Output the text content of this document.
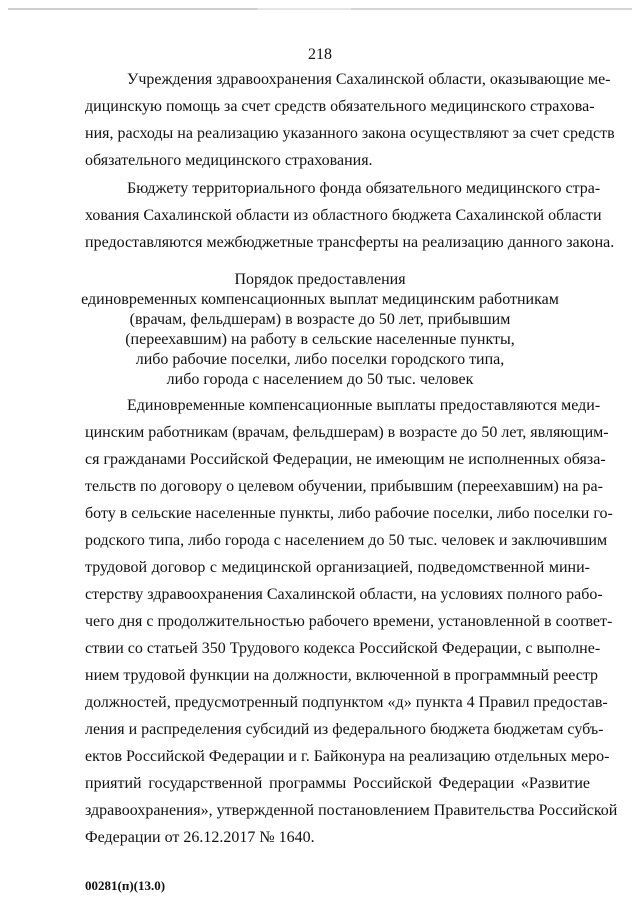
218

Учреждения здравоохранения Сахалинской области, оказывающие ме-
дицинскую помощь за счет средств обязательного медицинского страхова-
ния, расходы на реализацию указанного закона осуществляют за счет средств
обязательного медицинского страхования.

Бюджету территориального фонда обязательного медицинского стра-
хования Сахалинской области из областного бюджета Сахалинской области
предоставляются межбюджетные трансферты на реализацию данного закона.

Порядок предоставления
единовременных компенсационных выплат медицинским работникам
(врачам, фельдшерам) в возрасте до 50 лет, прибывшим
(переехавшим) на работу в сельские населенные пункты,
либо рабочие поселки, либо поселки городского типа,
либо города с населением до 50 тыс. человек

Единовременные компенсационные выплаты предоставляются меди-
цинским работникам (врачам, фельдшерам) в возрасте до 50 лет, являющим-
ся гражданами Российской Федерации, не имеющим не исполненных обяза-
тельств по договору о целевом обучении, прибывшим (переехавшим) на ра-
боту в сельские населенные пункты, либо рабочие поселки, либо поселки го-
родского типа, либо города с населением до 50 тыс. человек и заключившим
трудовой договор с медицинской организацией, подведомственной мини-
стерству здравоохранения Сахалинской области, на условиях полного рабо-
чего дня с продолжительностью рабочего времени, установленной в соответ-
ствии со статьей 350 Трудового кодекса Российской Федерации, с выполне-
нием трудовой функции на должности, включенной в программный реестр
должностей, предусмотренный подпунктом «д» пункта 4 Правил предостав-
ления и распределения субсидий из федерального бюджета бюджетам субъ-
ектов Российской Федерации и г. Байконура на реализацию отдельных меро-
приятий государственной программы Российской Федерации «Развитие
здравоохранения», утвержденной постановлением Правительства Российской
Федерации от 26.12.2017 № 1640.

00281(п)(13.0)
